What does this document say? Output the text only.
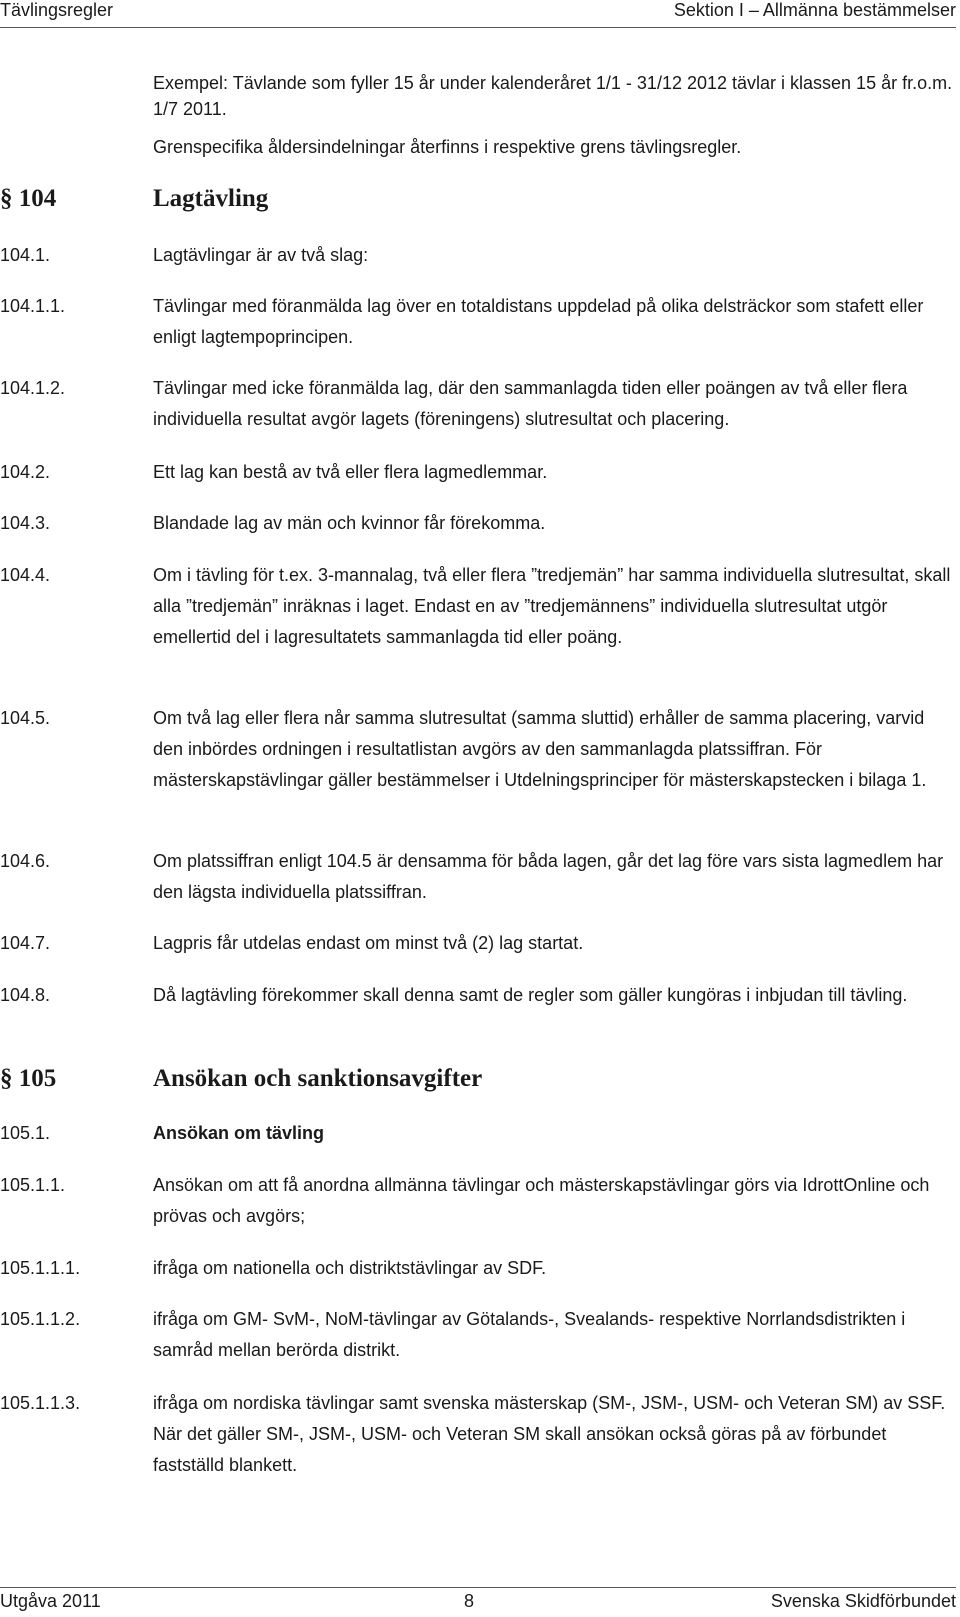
Tävlingsregler	Sektion I – Allmänna bestämmelser
Exempel: Tävlande som fyller 15 år under kalenderåret 1/1 - 31/12 2012 tävlar i klassen 15 år fr.o.m. 1/7 2011.
Grenspecifika åldersindelningar återfinns i respektive grens tävlingsregler.
§ 104	Lagtävling
104.1.	Lagtävlingar är av två slag:
104.1.1.	Tävlingar med föranmälda lag över en totaldistans uppdelad på olika delsträckor som stafett eller enligt lagtempoprincipen.
104.1.2.	Tävlingar med icke föranmälda lag, där den sammanlagda tiden eller poängen av två eller flera individuella resultat avgör lagets (föreningens) slutresultat och placering.
104.2.	Ett lag kan bestå av två eller flera lagmedlemmar.
104.3.	Blandade lag av män och kvinnor får förekomma.
104.4.	Om i tävling för t.ex. 3-mannalag, två eller flera ”tredjemän” har samma individuella slutresultat, skall alla ”tredjemän” inräknas i laget. Endast en av ”tredjemännens” individuella slutresultat utgör emellertid del i lagresultatets sammanlagda tid eller poäng.
104.5.	Om två lag eller flera når samma slutresultat (samma sluttid) erhåller de samma placering, varvid den inbördes ordningen i resultatlistan avgörs av den sammanlagda platssiffran. För mästerskapstävlingar gäller bestämmelser i Utdelningsprinciper för mästerskapstecken i bilaga 1.
104.6.	Om platssiffran enligt 104.5 är densamma för båda lagen, går det lag före vars sista lagmedlem har den lägsta individuella platssiffran.
104.7.	Lagpris får utdelas endast om minst två (2) lag startat.
104.8.	Då lagtävling förekommer skall denna samt de regler som gäller kungöras i inbjudan till tävling.
§ 105	Ansökan och sanktionsavgifter
105.1.	Ansökan om tävling
105.1.1.	Ansökan om att få anordna allmänna tävlingar och mästerskapstävlingar görs via IdrottOnline och prövas och avgörs;
105.1.1.1.	ifråga om nationella och distriktstävlingar av SDF.
105.1.1.2.	ifråga om GM- SvM-, NoM-tävlingar av Götalands-, Svealands- respektive Norrlandsdistrikten i samråd mellan berörda distrikt.
105.1.1.3.	ifråga om nordiska tävlingar samt svenska mästerskap (SM-, JSM-, USM- och Veteran SM) av SSF. När det gäller SM-, JSM-, USM- och Veteran SM skall ansökan också göras på av förbundet fastställd blankett.
Utgåva 2011	8	Svenska Skidförbundet
